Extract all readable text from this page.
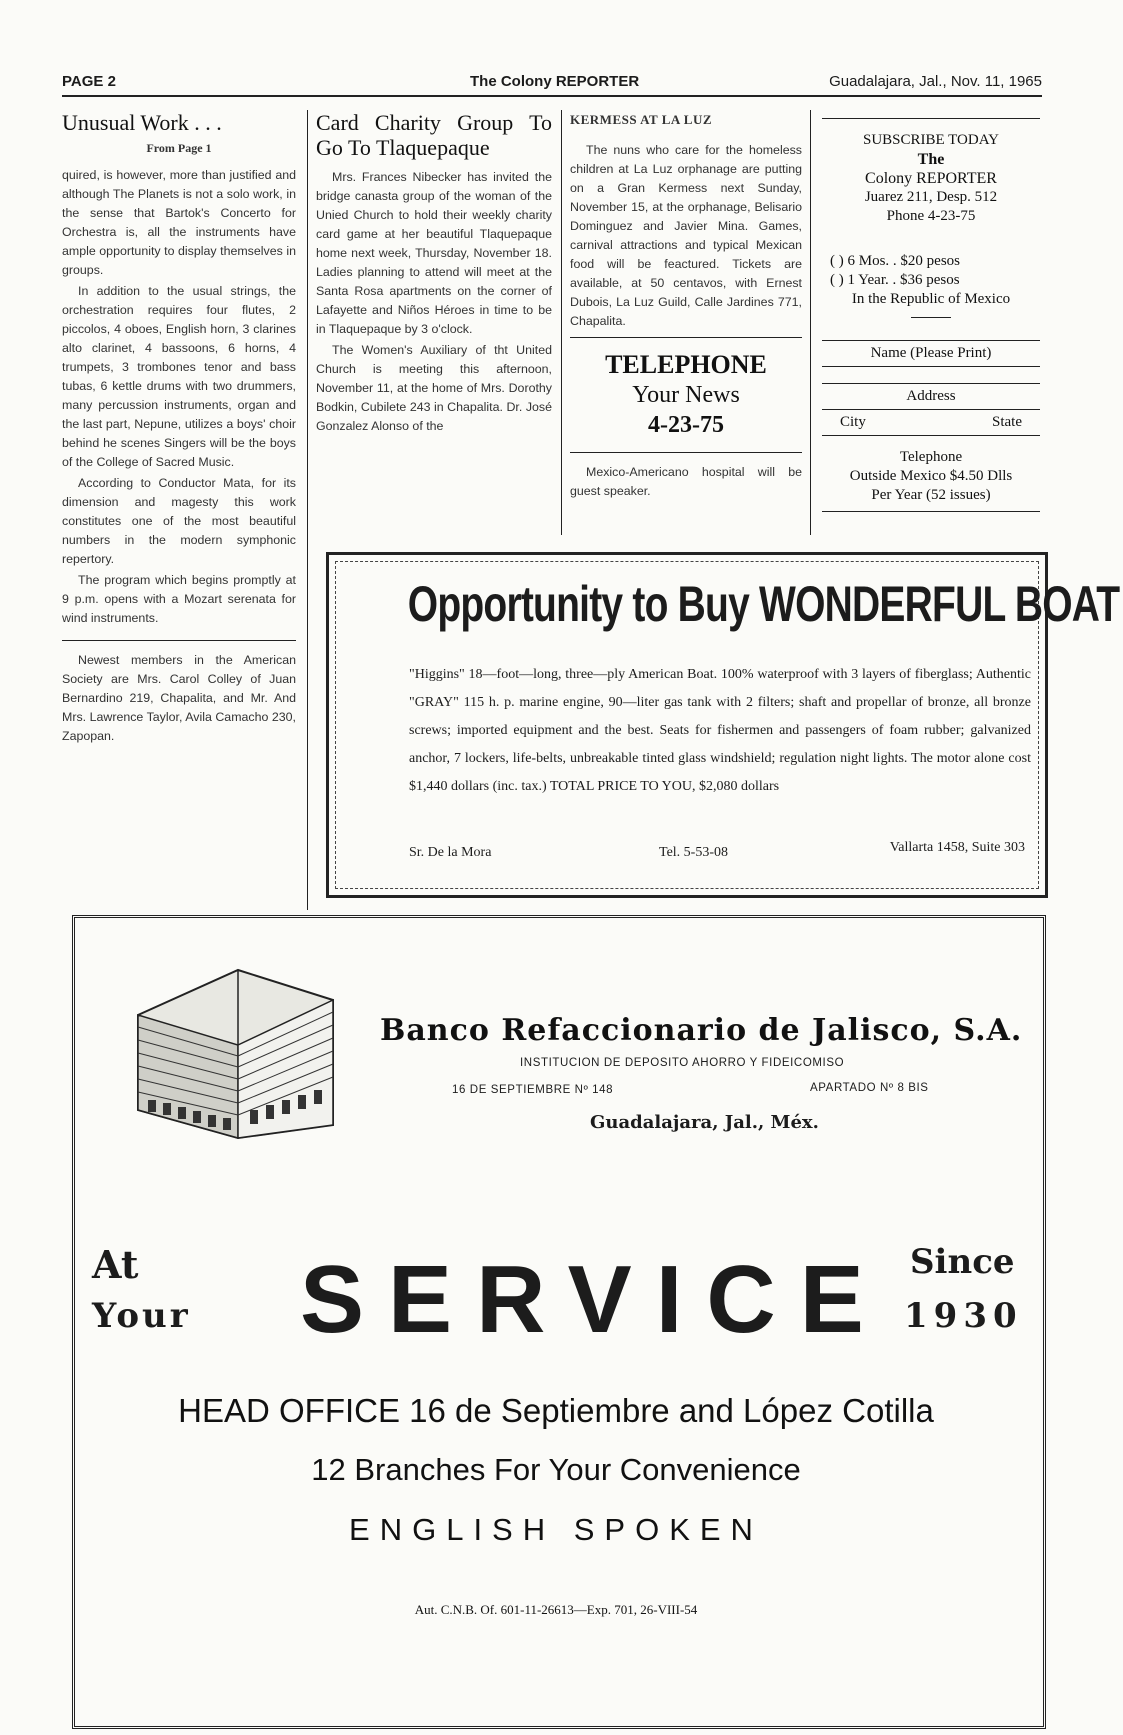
PAGE 2	The Colony REPORTER	Guadalajara, Jal., Nov. 11, 1965
Unusual Work . . .
From Page 1

quired, is however, more than justified and although The Planets is not a solo work, in the sense that Bartok's Concerto for Orchestra is, all the instruments have ample opportunity to display themselves in groups.

In addition to the usual strings, the orchestration requires four flutes, 2 piccolos, 4 oboes, English horn, 3 clarines alto clarinet, 4 bassoons, 6 horns, 4 trumpets, 3 trombones tenor and bass tubas, 6 kettle drums with two drummers, many percussion instruments, organ and the last part, Nepune, utilizes a boys' choir behind he scenes Singers will be the boys of the College of Sacred Music.

According to Conductor Mata, for its dimension and magesty this work constitutes one of the most beautiful numbers in the modern symphonic repertory.

The program which begins promptly at 9 p.m. opens with a Mozart serenata for wind instruments.

Newest members in the American Society are Mrs. Carol Colley of Juan Bernardino 219, Chapalita, and Mr. And Mrs. Lawrence Taylor, Avila Camacho 230, Zapopan.

Card Charity Group To Go To Tlaquepaque

Mrs. Frances Nibecker has invited the bridge canasta group of the woman of the Unied Church to hold their weekly charity card game at her beautiful Tlaquepaque home next week, Thursday, November 18. Ladies planning to attend will meet at the Santa Rosa apartments on the corner of Lafayette and Niños Héroes in time to be in Tlaquepaque by 3 o'clock.

The Women's Auxiliary of tht United Church is meeting this afternoon, November 11, at the home of Mrs. Dorothy Bodkin, Cubilete 243 in Chapalita. Dr. José Gonzalez Alonso of the

KERMESS AT LA LUZ

The nuns who care for the homeless children at La Luz orphanage are putting on a Gran Kermess next Sunday, November 15, at the orphanage, Belisario Dominguez and Javier Mina. Games, carnival attractions and typical Mexican food will be feactured. Tickets are available, at 50 centavos, with Ernest Dubois, La Luz Guild, Calle Jardines 771, Chapalita.

TELEPHONE
Your News
4-23-75

Mexico-Americano hospital will be guest speaker.

SUBSCRIBE TODAY
The
Colony REPORTER
Juarez 211, Desp. 512
Phone 4-23-75
( ) 6 Mos. . $20 pesos
( ) 1 Year. . $36 pesos
In the Republic of Mexico
Name (Please Print)
Address
City	State
Telephone
Outside Mexico $4.50 Dlls
Per Year (52 issues)
Opportunity to Buy WONDERFUL BOAT
"Higgins" 18—foot—long, three—ply American Boat. 100% waterproof with 3 layers of fiberglass; Authentic "GRAY" 115 h. p. marine engine, 90—liter gas tank with 2 filters; shaft and propellar of bronze, all bronze screws; imported equipment and the best. Seats for fishermen and passengers of foam rubber; galvanized anchor, 7 lockers, life-belts, unbreakable tinted glass windshield; regulation night lights. The motor alone cost $1,440 dollars (inc. tax.) TOTAL PRICE TO YOU, $2,080 dollars
Sr. De la Mora	Tel. 5-53-08	Vallarta 1458, Suite 303
Banco Refaccionario de Jalisco, S.A.
INSTITUCION DE DEPOSITO AHORRO Y FIDEICOMISO
16 DE SEPTIEMBRE Nº 148	APARTADO Nº 8 BIS
Guadalajara, Jal., Méx.
At
Your SERVICE Since
1930
HEAD OFFICE 16 de Septiembre and López Cotilla
12 Branches For Your Convenience
ENGLISH SPOKEN
Aut. C.N.B. Of. 601-11-26613—Exp. 701, 26-VIII-54
